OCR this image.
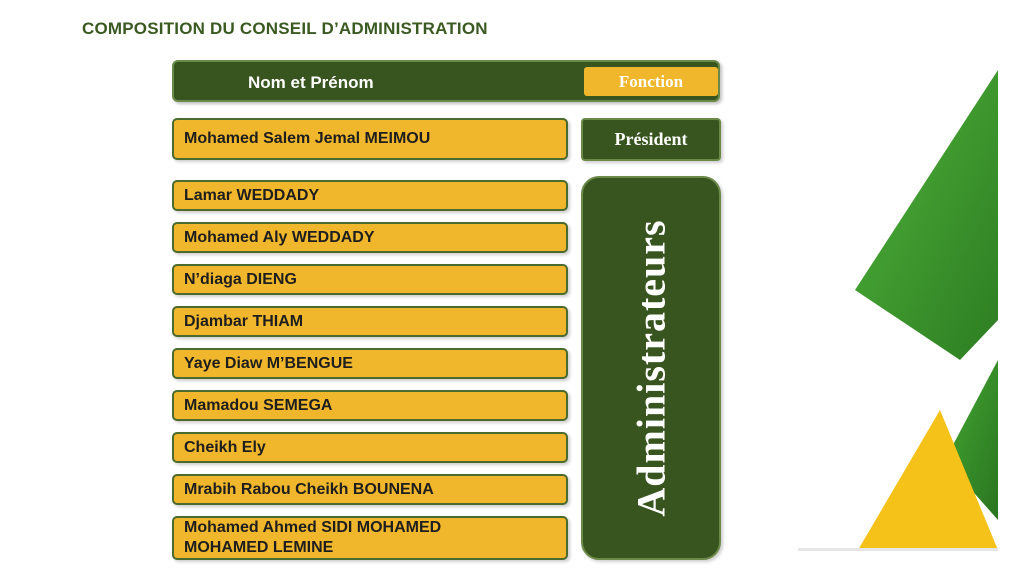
COMPOSITION DU CONSEIL D’ADMINISTRATION
Nom et Prénom	Fonction
Mohamed Salem Jemal MEIMOU	Président
Lamar WEDDADY
Mohamed Aly WEDDADY
N’diaga DIENG
Djambar THIAM
Yaye Diaw M’BENGUE
Mamadou SEMEGA
Cheikh Ely
Mrabih Rabou Cheikh BOUNENA
Mohamed Ahmed SIDI MOHAMED
MOHAMED LEMINE
Administrateurs
